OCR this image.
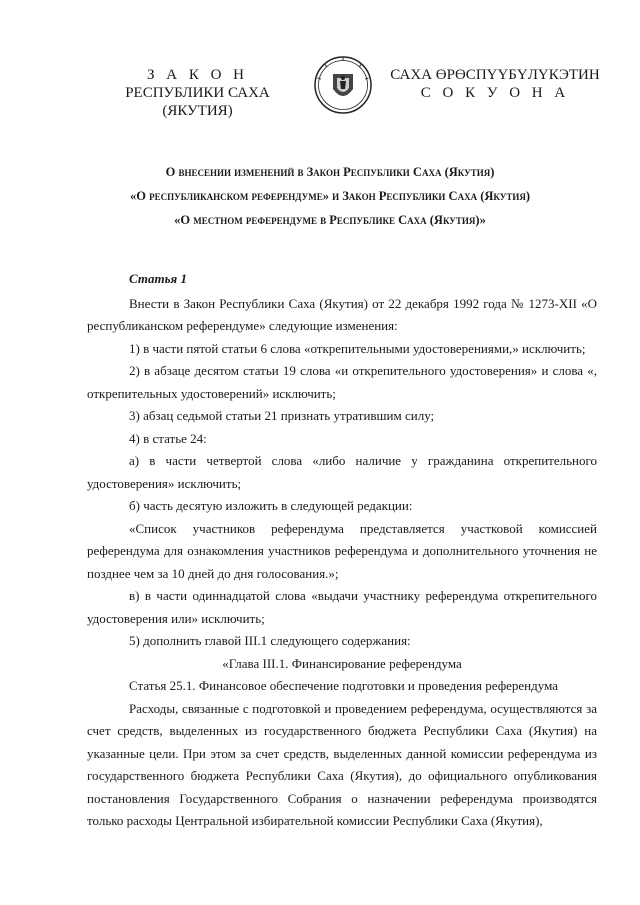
З А К О Н
РЕСПУБЛИКИ САХА (ЯКУТИЯ)
САХА ӨРӨСПҮҮБҮЛҮКЭТИН
С О К У О Н А
О внесении изменений в Закон Республики Саха (Якутия)
«О республиканском референдуме» и Закон Республики Саха (Якутия)
«О местном референдуме в Республике Саха (Якутия)»
Статья 1

Внести в Закон Республики Саха (Якутия) от 22 декабря 1992 года № 1273-XII «О республиканском референдуме» следующие изменения:

1) в части пятой статьи 6 слова «открепительными удостоверениями,» исключить;

2) в абзаце десятом статьи 19 слова «и открепительного удостоверения» и слова «, открепительных удостоверений» исключить;

3) абзац седьмой статьи 21 признать утратившим силу;

4) в статье 24:

а) в части четвертой слова «либо наличие у гражданина открепительного удостоверения» исключить;

б) часть десятую изложить в следующей редакции:

«Список участников референдума представляется участковой комиссией референдума для ознакомления участников референдума и дополнительного уточнения не позднее чем за 10 дней до дня голосования.»;

в) в части одиннадцатой слова «выдачи участнику референдума открепительного удостоверения или» исключить;

5) дополнить главой III.1 следующего содержания:

«Глава III.1. Финансирование референдума

Статья 25.1. Финансовое обеспечение подготовки и проведения референдума

Расходы, связанные с подготовкой и проведением референдума, осуществляются за счет средств, выделенных из государственного бюджета Республики Саха (Якутия) на указанные цели. При этом за счет средств, выделенных данной комиссии референдума из государственного бюджета Республики Саха (Якутия), до официального опубликования постановления Государственного Собрания о назначении референдума производятся только расходы Центральной избирательной комиссии Республики Саха (Якутия),
